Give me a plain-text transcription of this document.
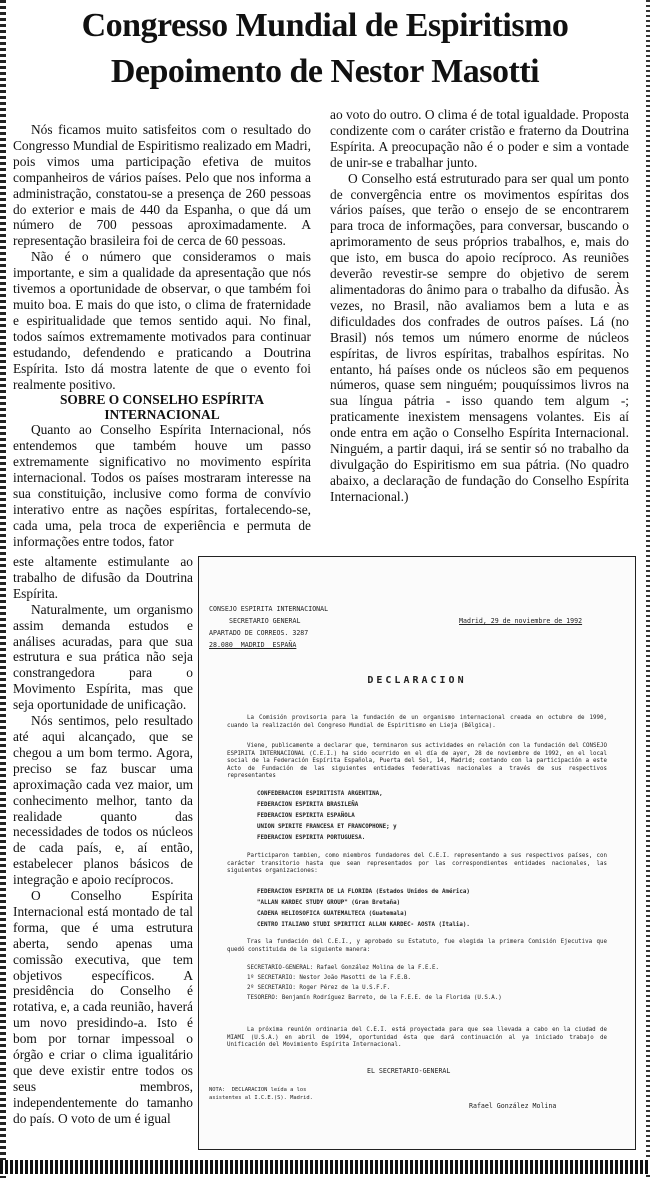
Congresso Mundial de Espiritismo
Depoimento de Nestor Masotti

Nós ficamos muito satisfeitos com o resultado do Congresso Mundial de Espiritismo realizado em Madri, pois vimos uma participação efetiva de muitos companheiros de vários países. Pelo que nos informa a administração, constatou-se a presença de 260 pessoas do exterior e mais de 440 da Espanha, o que dá um número de 700 pessoas aproximadamente. A representação brasileira foi de cerca de 60 pessoas.

Não é o número que consideramos o mais importante, e sim a qualidade da apresentação que nós tivemos a oportunidade de observar, o que também foi muito boa. E mais do que isto, o clima de fraternidade e espiritualidade que temos sentido aqui. No final, todos saímos extremamente motivados para continuar estudando, defendendo e praticando a Doutrina Espírita. Isto dá mostra latente de que o evento foi realmente positivo.

SOBRE O CONSELHO ESPÍRITA INTERNACIONAL

Quanto ao Conselho Espírita Internacional, nós entendemos que também houve um passo extremamente significativo no movimento espírita internacional. Todos os países mostraram interesse na sua constituição, inclusive como forma de convívio interativo entre as nações espíritas, fortalecendo-se, cada uma, pela troca de experiência e permuta de informações entre todos, fator

este altamente estimulante ao trabalho de difusão da Doutrina Espírita.

Naturalmente, um organismo assim demanda estudos e análises acuradas, para que sua estrutura e sua prática não seja constrangedora para o Movimento Espírita, mas que seja oportunidade de unificação.

Nós sentimos, pelo resultado até aqui alcançado, que se chegou a um bom termo. Agora, preciso se faz buscar uma aproximação cada vez maior, um conhecimento melhor, tanto da realidade quanto das necessidades de todos os núcleos de cada país, e, aí então, estabelecer planos básicos de integração e apoio recíprocos.

O Conselho Espírita Internacional está montado de tal forma, que é uma estrutura aberta, sendo apenas uma comissão executiva, que tem objetivos específicos. A presidência do Conselho é rotativa, e, a cada reunião, haverá um novo presidindo-a. Isto é bom por tornar impessoal o órgão e criar o clima igualitário que deve existir entre todos os seus membros, independentemente do tamanho do país. O voto de um é igual

ao voto do outro. O clima é de total igualdade. Proposta condizente com o caráter cristão e fraterno da Doutrina Espírita. A preocupação não é o poder e sim a vontade de unir-se e trabalhar junto.

O Conselho está estruturado para ser qual um ponto de convergência entre os movimentos espíritas dos vários países, que terão o ensejo de se encontrarem para troca de informações, para conversar, buscando o aprimoramento de seus próprios trabalhos, e, mais do que isto, em busca do apoio recíproco. As reuniões deverão revestir-se sempre do objetivo de serem alimentadoras do ânimo para o trabalho da difusão. Às vezes, no Brasil, não avaliamos bem a luta e as dificuldades dos confrades de outros países. Lá (no Brasil) nós temos um número enorme de núcleos espíritas, de livros espíritas, trabalhos espíritas. No entanto, há países onde os núcleos são em pequenos números, quase sem ninguém; pouquíssimos livros na sua língua pátria - isso quando tem algum -; praticamente inexistem mensagens volantes. Eis aí onde entra em ação o Conselho Espírita Internacional. Ninguém, a partir daqui, irá se sentir só no trabalho da divulgação do Espiritismo em sua pátria. (No quadro abaixo, a declaração de fundação do Conselho Espírita Internacional.)

CONSEJO ESPIRITA INTERNACIONAL
SECRETARIO GENERAL
APARTADO DE CORREOS. 3287
28.080  MADRID  ESPAÑA
Madrid, 29 de noviembre de 1992
DECLARACION
La Comisión provisoria para la fundación de un organismo internacional creada en octubre de 1990, cuando la realización del Congreso Mundial de Espiritismo en Lieja (Bélgica).
Viene, publicamente a declarar que, terminaron sus actividades en relación con la fundación del CONSEJO ESPIRITA INTERNACIONAL (C.E.I.) ha sido ocurrido en el día de ayer, 28 de noviembre de 1992, en el local social de la Federación Espírita Española, Puerta del Sol, 14, Madrid; contando con la participación a este Acto de Fundación de las siguientes entidades federativas nacionales a través de sus respectivos representantes
CONFEDERACION ESPIRITISTA ARGENTINA,
FEDERACION ESPIRITA BRASILEÑA
FEDERACION ESPIRITA ESPAÑOLA
UNION SPIRITE FRANCESA ET FRANCOPHONE; y
FEDERACION ESPIRITA PORTUGUESA.
Participaron tambien, como miembros fundadores del C.E.I. representando a sus respectivos países, con carácter transitorio hasta que sean representados por las correspondientes entidades nacionales, las siguientes organizaciones:
FEDERACION ESPIRITA DE LA FLORIDA (Estados Unidos de América)
"ALLAN KARDEC STUDY GROUP" (Gran Bretaña)
CADENA HELIOSOFICA GUATEMALTECA (Guatemala)
CENTRO ITALIANO STUDI SPIRITICI ALLAN KARDEC- AOSTA (Italia).
Tras la fundación del C.E.I., y aprobado su Estatuto, fue elegida la primera Comisión Ejecutiva que quedó constituida de la siguiente manera:
SECRETARIO-GENERAL: Rafael González Molina de la F.E.E.
1º SECRETARIO: Nestor João Masotti de la F.E.B.
2º SECRETARIO: Roger Pérez de la U.S.F.F.
TESORERO: Benjamín Rodríguez Barreto, de la F.E.E. de la Florida (U.S.A.)
La próxima reunión ordinaria del C.E.I. está proyectada para que sea llevada a cabo en la ciudad de MIAMI (U.S.A.) en abril de 1994, oportunidad ésta que dará continuación al ya iniciado trabajo de Unificación del Movimiento Espírita Internacional.
EL SECRETARIO-GENERAL
NOTA:  DECLARACION leída a los
asistentes al I.C.E.(S). Madrid.
Rafael González Molina
